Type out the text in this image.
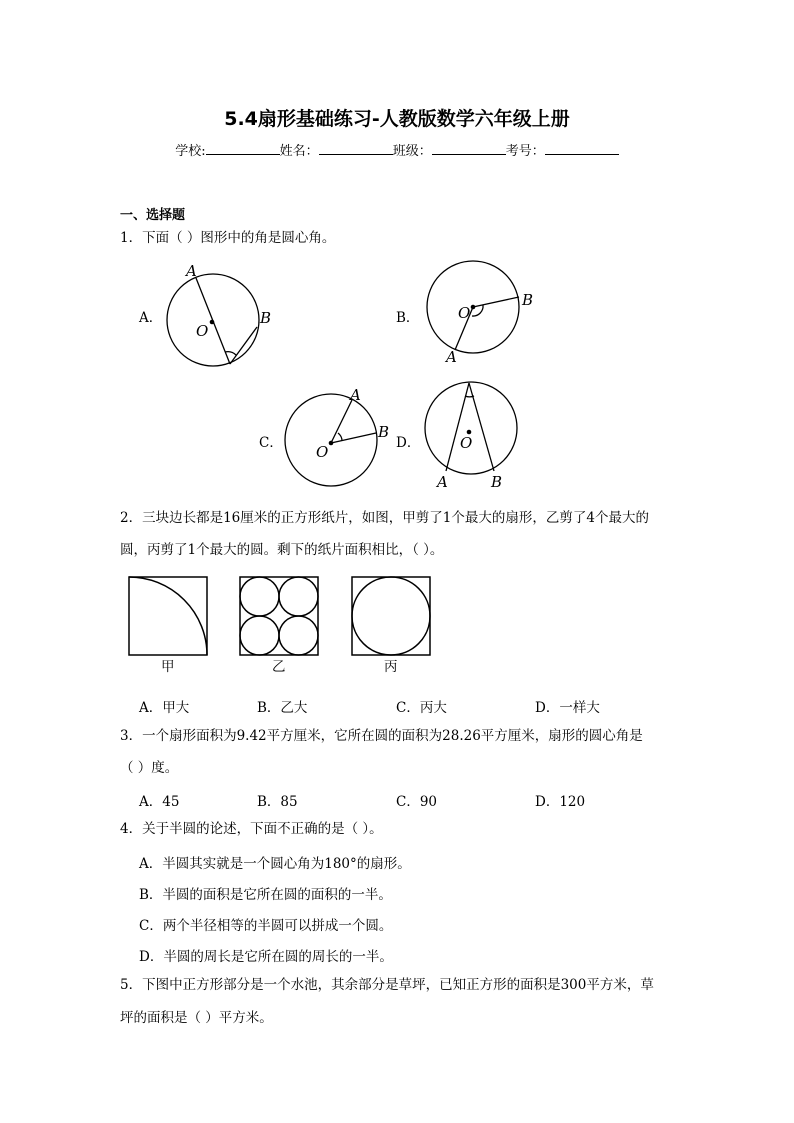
5.4扇形基础练习-人教版数学六年级上册
学校:	姓名：	班级：	考号：
一、选择题
1．下面（ ）图形中的角是圆心角。
A．	B．
C．	D．
A
O
B	O
B
A
A
O
B
O
A	B
2．三块边长都是16厘米的正方形纸片，如图，甲剪了1个最大的扇形，乙剪了4个最大的
圆，丙剪了1个最大的圆。剩下的纸片面积相比，（ ）。
甲	乙	丙
A．甲大	B．乙大	C．丙大	D．一样大
3．一个扇形面积为9.42平方厘米，它所在圆的面积为28.26平方厘米，扇形的圆心角是
（ ）度。
A．45	B．85	C．90	D．120
4．关于半圆的论述，下面不正确的是（ ）。
A．半圆其实就是一个圆心角为180°的扇形。
B．半圆的面积是它所在圆的面积的一半。
C．两个半径相等的半圆可以拼成一个圆。
D．半圆的周长是它所在圆的周长的一半。
5．下图中正方形部分是一个水池，其余部分是草坪，已知正方形的面积是300平方米，草
坪的面积是（ ）平方米。
